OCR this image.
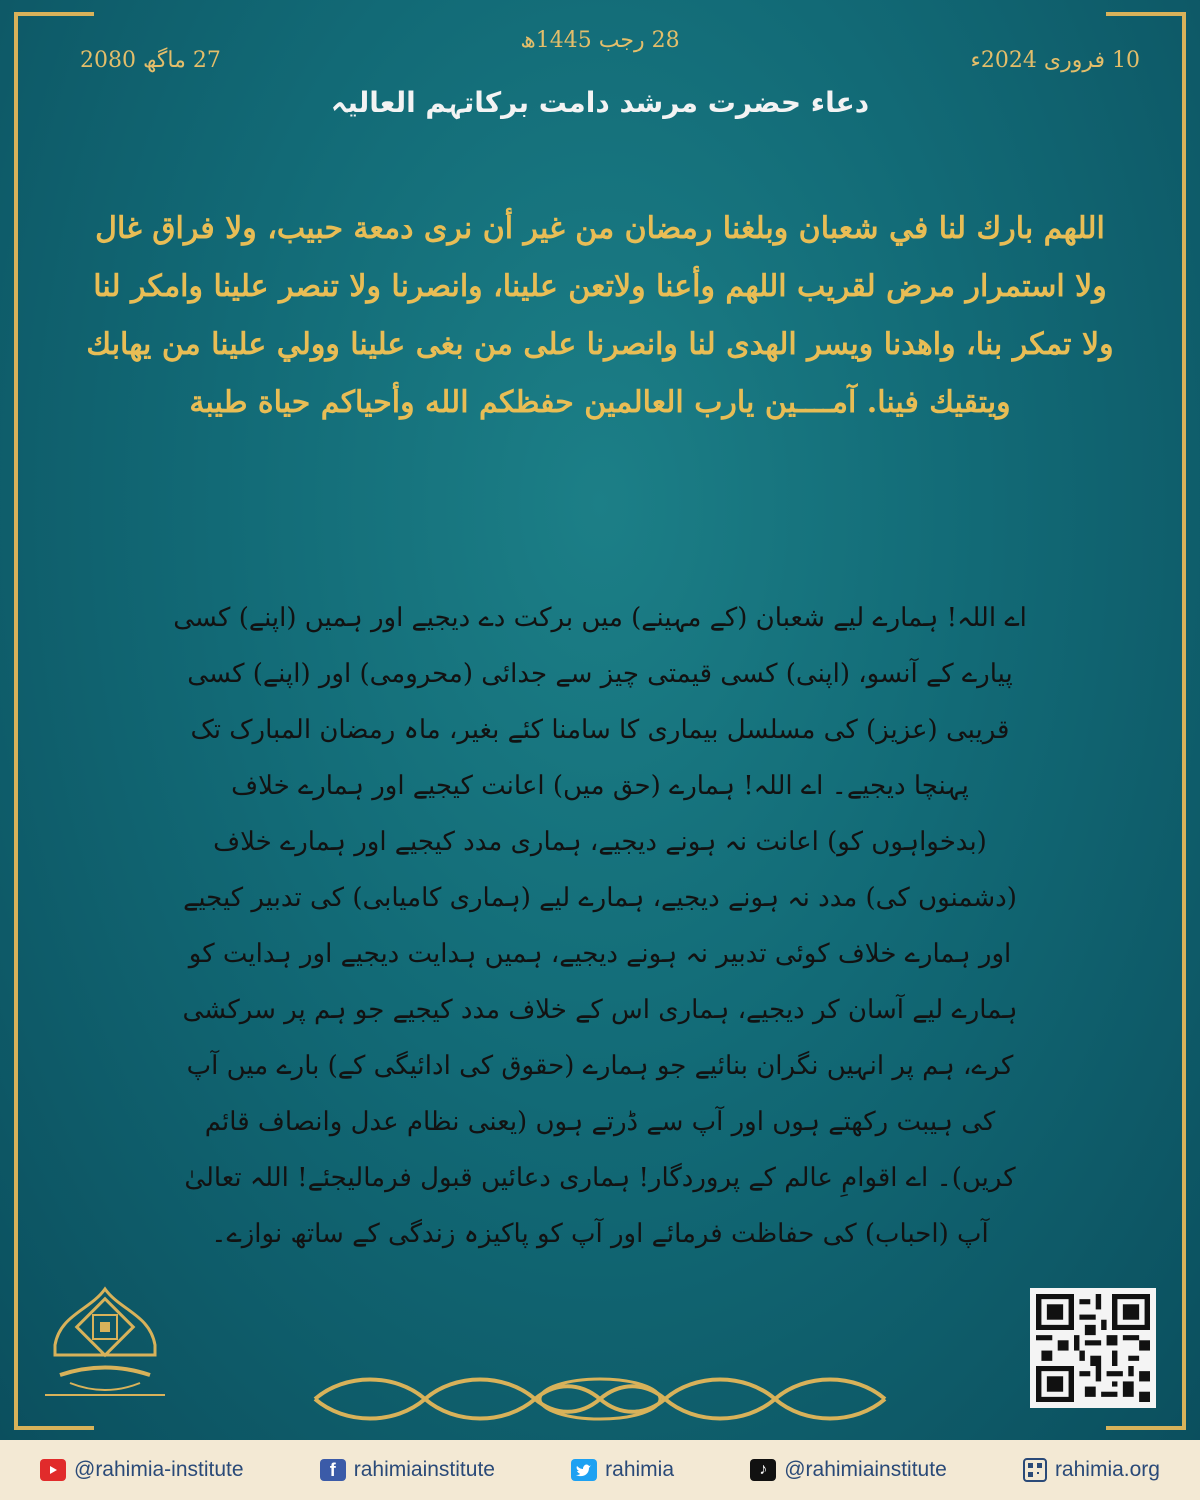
28 رجب 1445ھ
10 فروری 2024ء
27 ماگھ 2080
دعاء حضرت مرشد دامت برکاتہم العالیہ
اللهم بارك لنا في شعبان وبلغنا رمضان من غير أن نرى دمعة حبيب، ولا فراق غال ولا استمرار مرض لقريب اللهم وأعنا ولاتعن علينا، وانصرنا ولا تنصر علينا وامكر لنا ولا تمكر بنا، واهدنا ويسر الهدى لنا وانصرنا على من بغى علينا وولي علينا من يهابك ويتقيك فينا. آمــــين يارب العالمين حفظكم الله وأحياكم حياة طيبة
اے اللہ! ہمارے لیے شعبان (کے مہینے) میں برکت دے دیجیے اور ہمیں (اپنے) کسی پیارے کے آنسو، (اپنی) کسی قیمتی چیز سے جدائی (محرومی) اور (اپنے) کسی قریبی (عزیز) کی مسلسل بیماری کا سامنا کئے بغیر، ماہ رمضان المبارک تک پہنچا دیجیے۔ اے اللہ! ہمارے (حق میں) اعانت کیجیے اور ہمارے خلاف (بدخواہوں کو) اعانت نہ ہونے دیجیے، ہماری مدد کیجیے اور ہمارے خلاف (دشمنوں کی) مدد نہ ہونے دیجیے، ہمارے لیے (ہماری کامیابی) کی تدبیر کیجیے اور ہمارے خلاف کوئی تدبیر نہ ہونے دیجیے، ہمیں ہدایت دیجیے اور ہدایت کو ہمارے لیے آسان کر دیجیے، ہماری اس کے خلاف مدد کیجیے جو ہم پر سرکشی کرے، ہم پر انہیں نگران بنائیے جو ہمارے (حقوق کی ادائیگی کے) بارے میں آپ کی ہیبت رکھتے ہوں اور آپ سے ڈرتے ہوں (یعنی نظام عدل وانصاف قائم کریں)۔ اے اقوامِ عالم کے پروردگار! ہماری دعائیں قبول فرمالیجئے! اللہ تعالیٰ آپ (احباب) کی حفاظت فرمائے اور آپ کو پاکیزہ زندگی کے ساتھ نوازے۔
@rahimia-institute	f rahimiainstitute	rahimia	♪ @rahimiainstitute	rahimia.org
